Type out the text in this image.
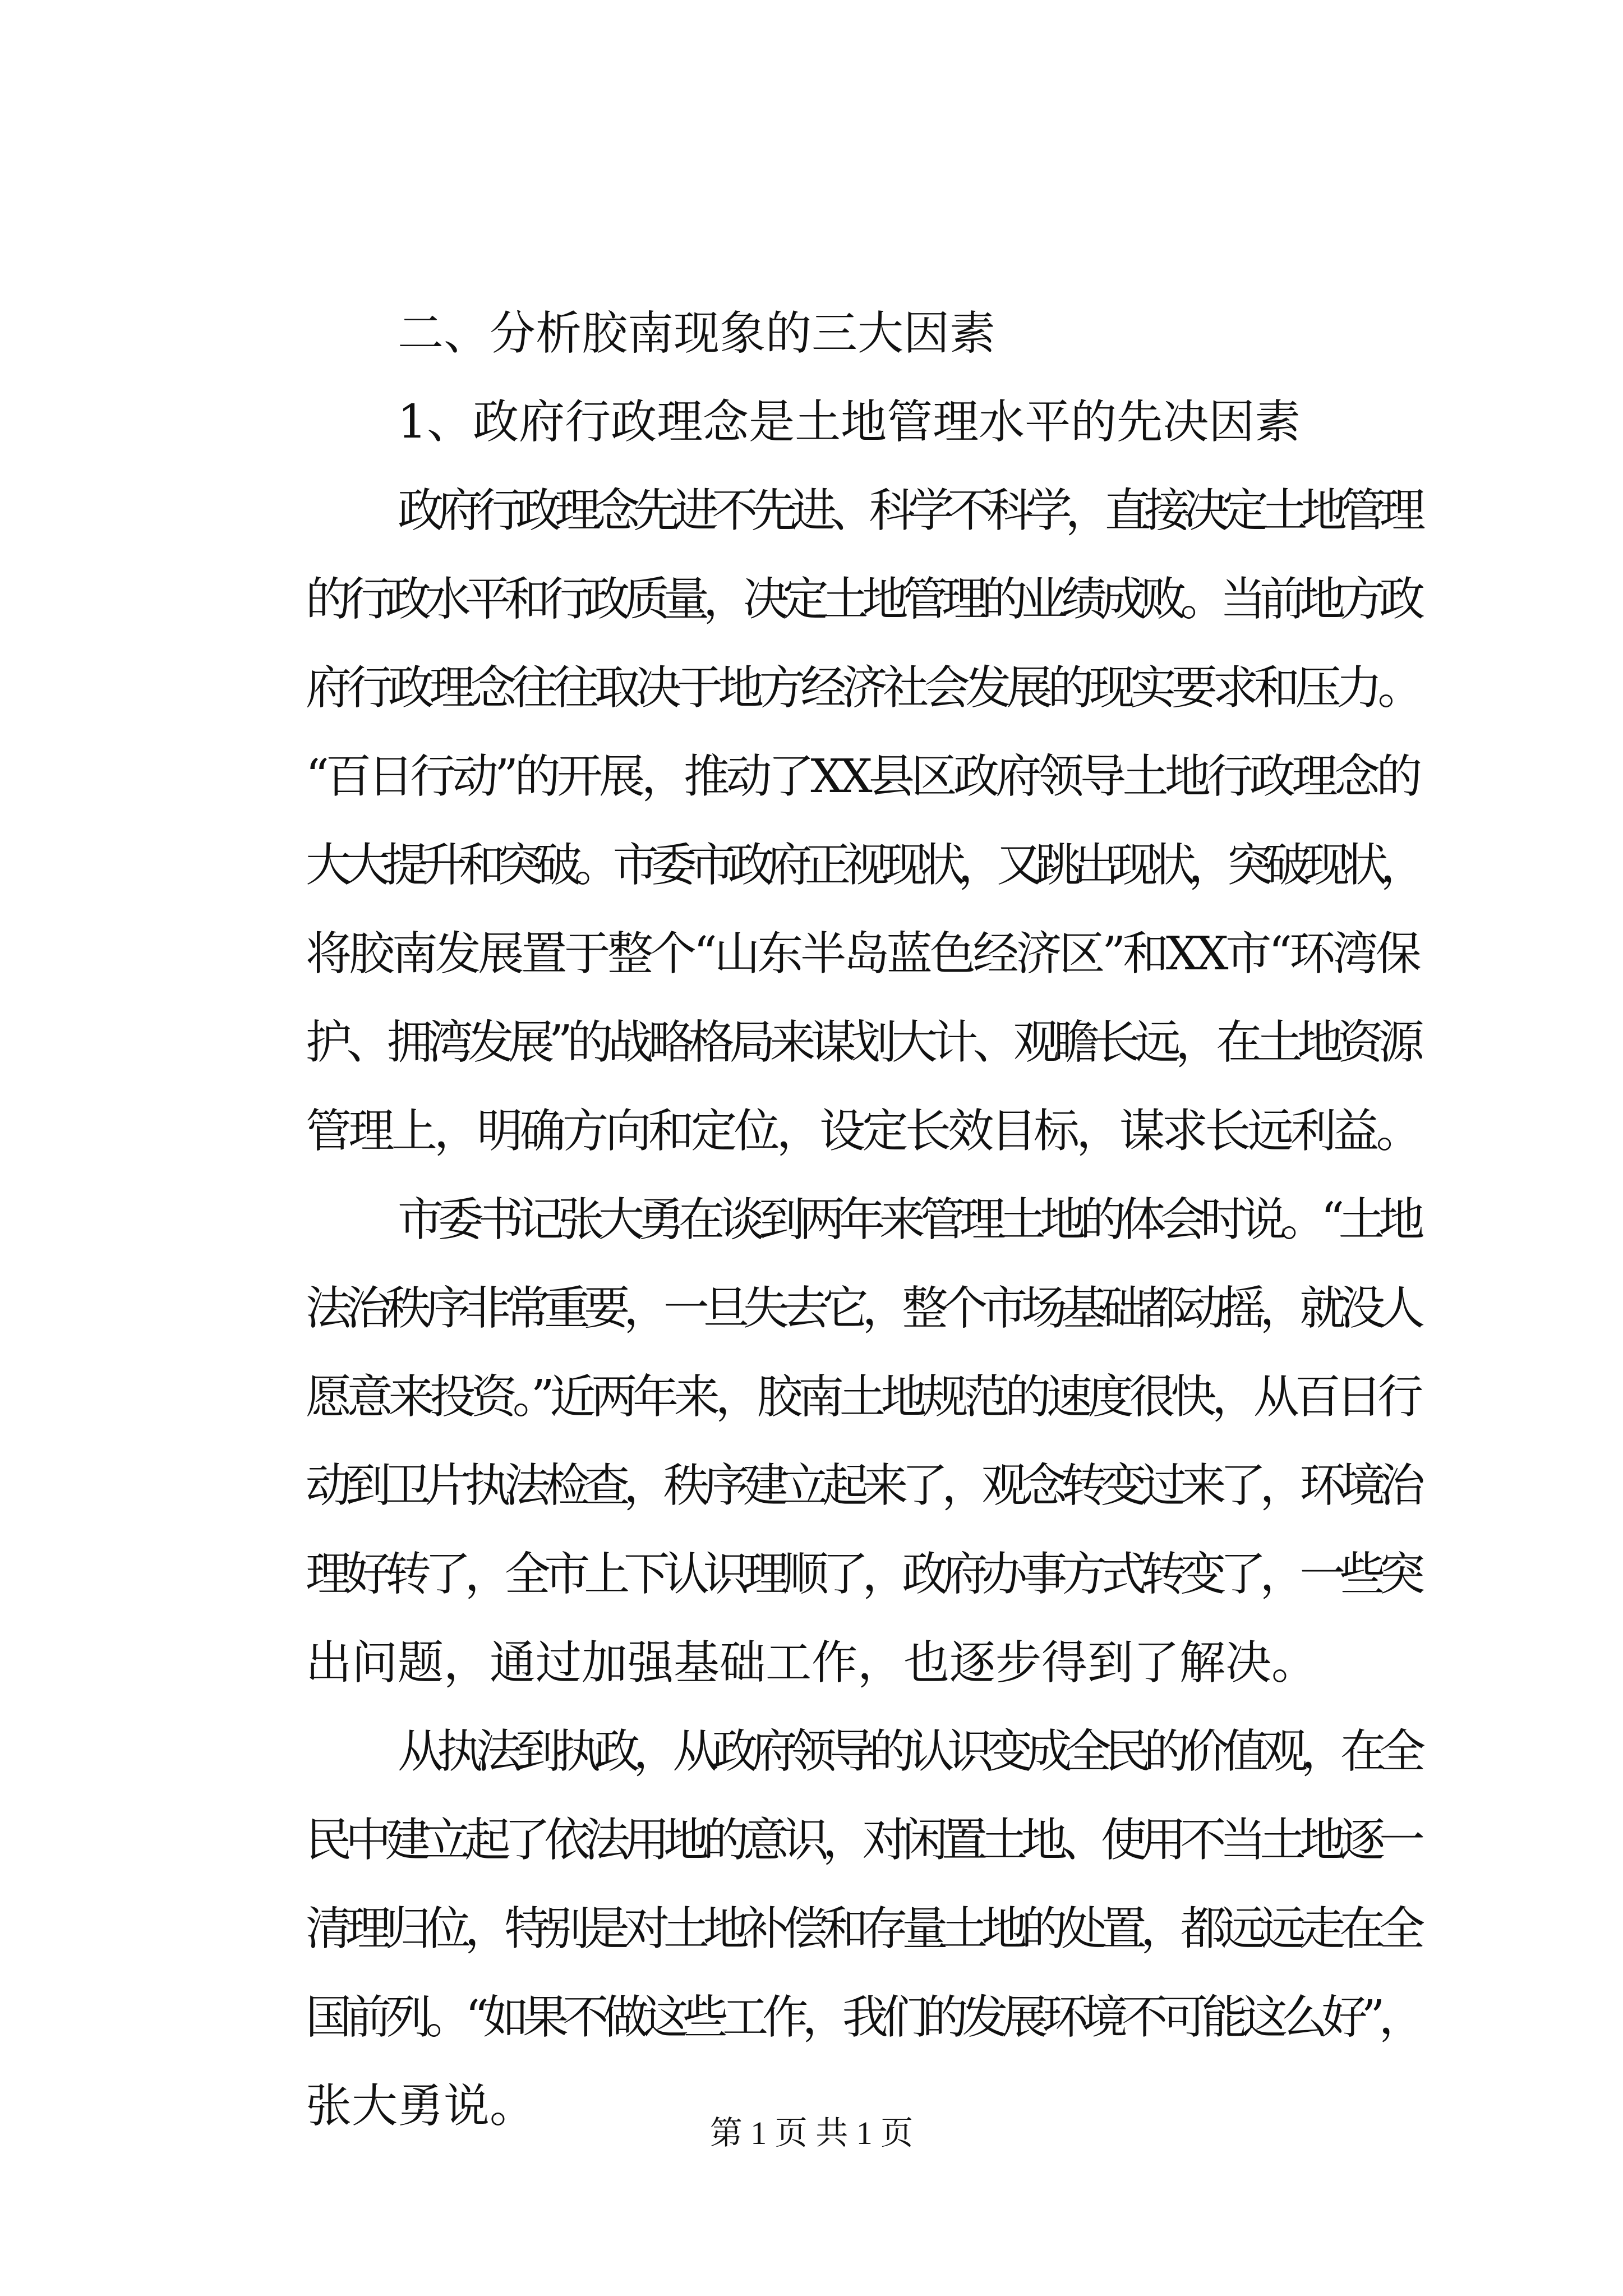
二、分析胶南现象的三大因素
1、政府行政理念是土地管理水平的先决因素
政府行政理念先进不先进、科学不科学，直接决定土地管理
的行政水平和行政质量，决定土地管理的业绩成败。当前地方政
府行政理念往往取决于地方经济社会发展的现实要求和压力。
“百日行动”的开展，推动了XX县区政府领导土地行政理念的
大大提升和突破。市委市政府正视现状，又跳出现状，突破现状，
将胶南发展置于整个“山东半岛蓝色经济区”和XX市“环湾保
护、拥湾发展”的战略格局来谋划大计、观瞻长远，在土地资源
管理上，明确方向和定位，设定长效目标，谋求长远利益。
市委书记张大勇在谈到两年来管理土地的体会时说。“土地
法治秩序非常重要，一旦失去它，整个市场基础都动摇，就没人
愿意来投资。”近两年来，胶南土地规范的速度很快，从百日行
动到卫片执法检查，秩序建立起来了，观念转变过来了，环境治
理好转了，全市上下认识理顺了，政府办事方式转变了，一些突
出问题，通过加强基础工作，也逐步得到了解决。
从执法到执政，从政府领导的认识变成全民的价值观，在全
民中建立起了依法用地的意识，对闲置土地、使用不当土地逐一
清理归位，特别是对土地补偿和存量土地的处置，都远远走在全
国前列。“如果不做这些工作，我们的发展环境不可能这么好”，
张大勇说。
第 1 页 共 1 页
